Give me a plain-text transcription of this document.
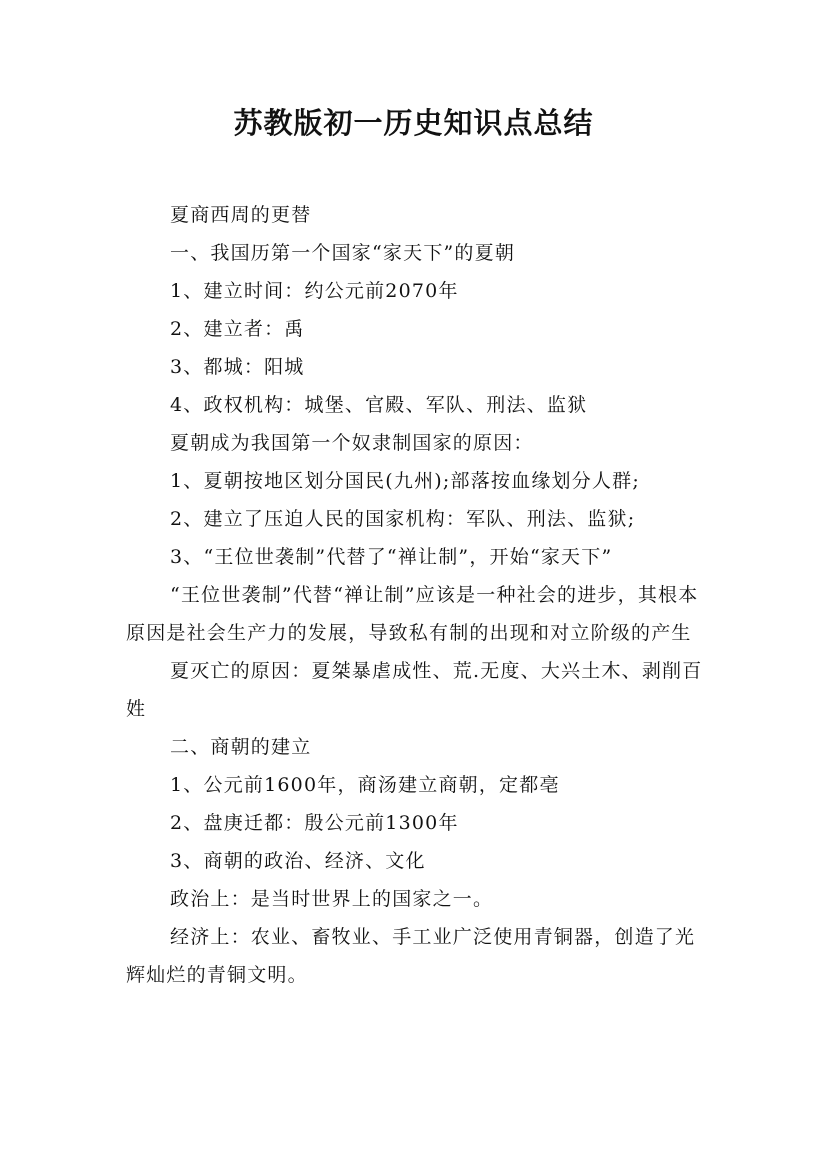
苏教版初一历史知识点总结

夏商西周的更替

一、我国历第一个国家“家天下”的夏朝

1、建立时间：约公元前2070年

2、建立者：禹

3、都城：阳城

4、政权机构：城堡、官殿、军队、刑法、监狱

夏朝成为我国第一个奴隶制国家的原因：

1、夏朝按地区划分国民(九州);部落按血缘划分人群;

2、建立了压迫人民的国家机构：军队、刑法、监狱;

3、“王位世袭制”代替了“禅让制”，开始“家天下”

“王位世袭制”代替“禅让制”应该是一种社会的进步，其根本原因是社会生产力的发展，导致私有制的出现和对立阶级的产生

夏灭亡的原因：夏桀暴虐成性、荒.无度、大兴土木、剥削百姓

二、商朝的建立

1、公元前1600年，商汤建立商朝，定都亳

2、盘庚迁都：殷公元前1300年

3、商朝的政治、经济、文化

政治上：是当时世界上的国家之一。

经济上：农业、畜牧业、手工业广泛使用青铜器，创造了光辉灿烂的青铜文明。
